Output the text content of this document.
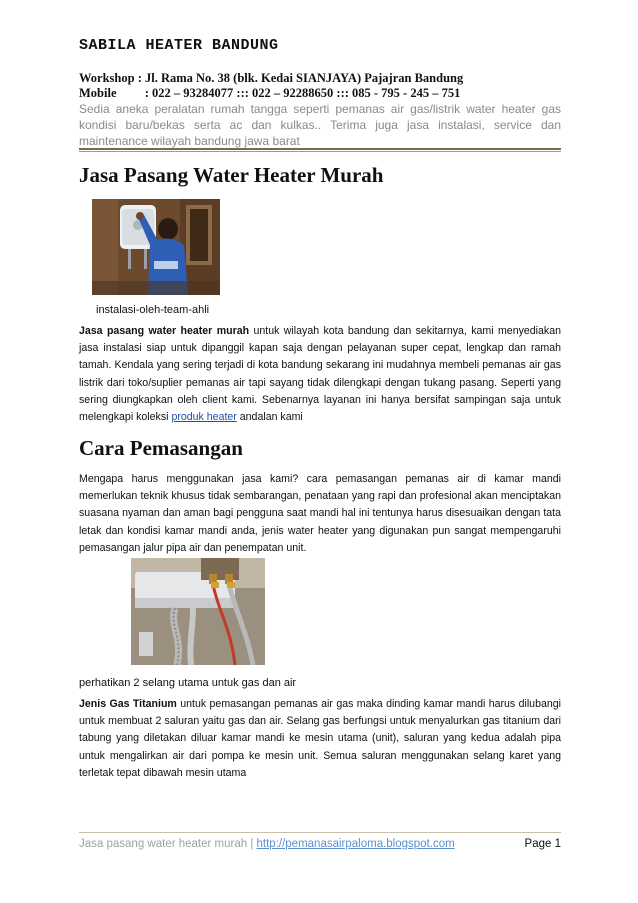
SABILA HEATER BANDUNG
Workshop : Jl. Rama No. 38 (blk. Kedai SIANJAYA) Pajajran Bandung
Mobile : 022 – 93284077 ::: 022 – 92288650 ::: 085 - 795 - 245 – 751
Sedia aneka peralatan rumah tangga seperti pemanas air gas/listrik water heater gas kondisi baru/bekas serta ac dan kulkas.. Terima juga jasa instalasi, service dan maintenance wilayah bandung jawa barat
Jasa Pasang Water Heater Murah
instalasi-oleh-team-ahli
Jasa pasang water heater murah untuk wilayah kota bandung dan sekitarnya, kami menyediakan jasa instalasi siap untuk dipanggil kapan saja dengan pelayanan super cepat, lengkap dan ramah tamah. Kendala yang sering terjadi di kota bandung sekarang ini mudahnya membeli pemanas air gas listrik dari toko/suplier pemanas air tapi sayang tidak dilengkapi dengan tukang pasang. Seperti yang sering diungkapkan oleh client kami. Sebenarnya layanan ini hanya bersifat sampingan saja untuk melengkapi koleksi produk heater andalan kami
Cara Pemasangan
Mengapa harus menggunakan jasa kami? cara pemasangan pemanas air di kamar mandi memerlukan teknik khusus tidak sembarangan, penataan yang rapi dan profesional akan menciptakan suasana nyaman dan aman bagi pengguna saat mandi hal ini tentunya harus disesuaikan dengan tata letak dan kondisi kamar mandi anda, jenis water heater yang digunakan pun sangat mempengaruhi pemasangan jalur pipa air dan penempatan unit.
perhatikan 2 selang utama untuk gas dan air
Jenis Gas Titanium untuk pemasangan pemanas air gas maka dinding kamar mandi harus dilubangi untuk membuat 2 saluran yaitu gas dan air. Selang gas berfungsi untuk menyalurkan gas titanium dari tabung yang diletakan diluar kamar mandi ke mesin utama (unit), saluran yang kedua adalah pipa untuk mengalirkan air dari pompa ke mesin unit. Semua saluran menggunakan selang karet yang terletak tepat dibawah mesin utama
Jasa pasang water heater murah | http://pemanasairpaloma.blogspot.com	Page 1
